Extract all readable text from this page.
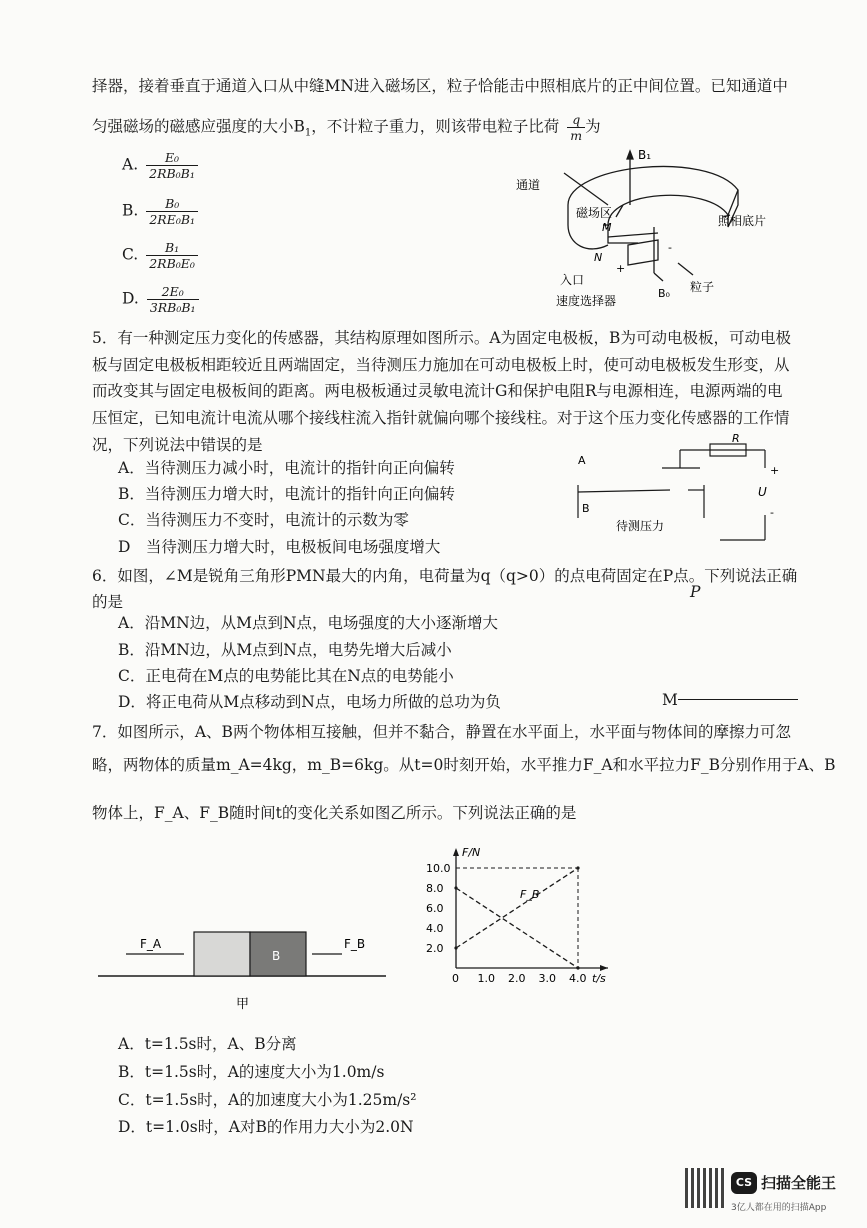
择器，接着垂直于通道入口从中缝MN进入磁场区，粒子恰能击中照相底片的正中间位置。已知通道中
匀强磁场的磁感应强度的大小$B_1$，不计粒子重力，则该带电粒子比荷 $\frac{q}{m}$ 为
A. $\frac{\text{E₀}}{\text{2RB₀B₁}}$
B. $\frac{\text{B₀}}{\text{2RE₀B₁}}$
C. $\frac{\text{B₁}}{\text{2RB₀E₀}}$
D. $\frac{\text{2E₀}}{\text{3RB₀B₁}}$
B₁
通道
磁场区
M	照相底片
N
+
-
入口
B₀ 粒子
速度选择器
5．有一种测定压力变化的传感器，其结构原理如图所示。A为固定电极板，B为可动电极板，可动电极
板与固定电极板相距较近且两端固定，当待测压力施加在可动电极板上时，使可动电极板发生形变，从
而改变其与固定电极板间的距离。两电极板通过灵敏电流计G和保护电阻R与电源相连，电源两端的电
压恒定，已知电流计电流从哪个接线柱流入指针就偏向哪个接线柱。对于这个压力变化传感器的工作情
况，下列说法中错误的是
A．当待测压力减小时，电流计的指针向正向偏转
B．当待测压力增大时，电流计的指针向正向偏转
C．当待测压力不变时，电流计的示数为零
D　当待测压力增大时，电极板间电场强度增大
A
B
R
+
U
-
待测压力
6．如图，∠M是锐角三角形PMN最大的内角，电荷量为q（q>0）的点电荷固定在P点。下列说法正确
的是
P
A．沿MN边，从M点到N点，电场强度的大小逐渐增大
B．沿MN边，从M点到N点，电势先增大后减小
C．正电荷在M点的电势能比其在N点的电势能小
D．将正电荷从M点移动到N点，电场力所做的总功为负	M
7．如图所示，A、B两个物体相互接触，但并不黏合，静置在水平面上，水平面与物体间的摩擦力可忽
略，两物体的质量m_A=4kg，m_B=6kg。从t=0时刻开始，水平推力F_A和水平拉力F_B分别作用于A、B
物体上，F_A、F_B随时间t的变化关系如图乙所示。下列说法正确的是
F_A	F_B
B
甲
t/s
F/N
0 1.0 2.0 3.0 4.0
2.0
4.0
6.0
8.0
10.0
F_B
A．t=1.5s时，A、B分离
B．t=1.5s时，A的速度大小为1.0m/s
C．t=1.5s时，A的加速度大小为1.25m/s²
D．t=1.0s时，A对B的作用力大小为2.0N
CS 扫描全能王
3亿人都在用的扫描App
